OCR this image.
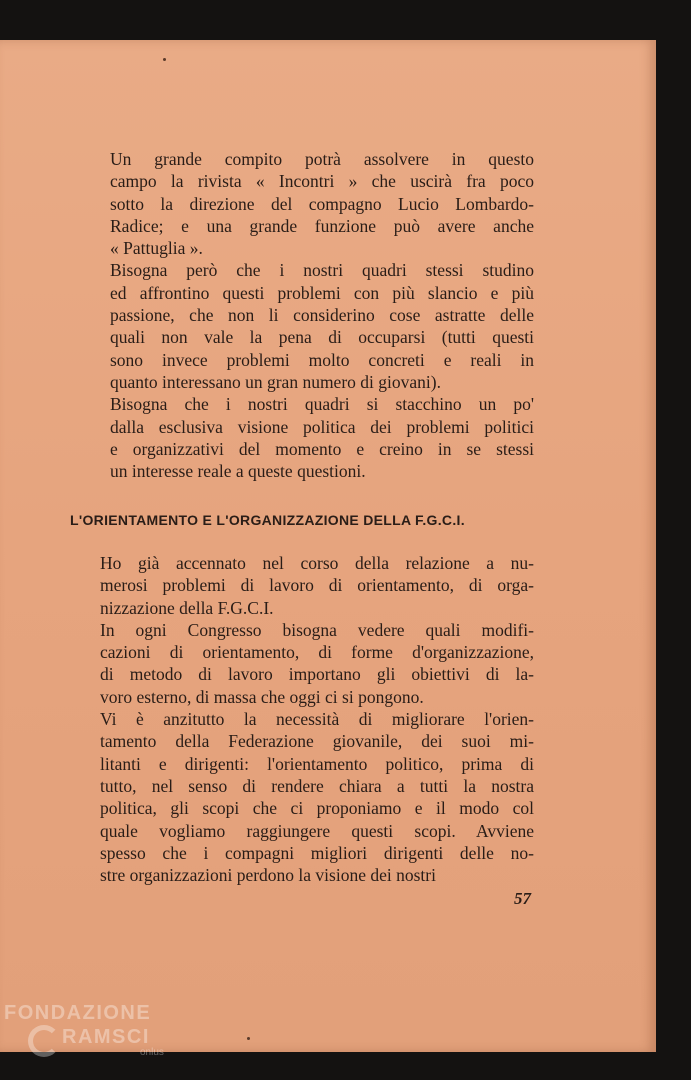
Un grande compito potrà assolvere in questo
campo la rivista « Incontri » che uscirà fra poco
sotto la direzione del compagno Lucio Lombardo-
Radice; e una grande funzione può avere anche
« Pattuglia ».

Bisogna però che i nostri quadri stessi studino
ed affrontino questi problemi con più slancio e più
passione, che non li considerino cose astratte delle
quali non vale la pena di occuparsi (tutti questi
sono invece problemi molto concreti e reali in
quanto interessano un gran numero di giovani).

Bisogna che i nostri quadri si stacchino un po'
dalla esclusiva visione politica dei problemi politici
e organizzativi del momento e creino in se stessi
un interesse reale a queste questioni.

L'ORIENTAMENTO E L'ORGANIZZAZIONE DELLA F.G.C.I.

Ho già accennato nel corso della relazione a nu-
merosi problemi di lavoro di orientamento, di orga-
nizzazione della F.G.C.I.

In ogni Congresso bisogna vedere quali modifi-
cazioni di orientamento, di forme d'organizzazione,
di metodo di lavoro importano gli obiettivi di la-
voro esterno, di massa che oggi ci si pongono.

Vi è anzitutto la necessità di migliorare l'orien-
tamento della Federazione giovanile, dei suoi mi-
litanti e dirigenti: l'orientamento politico, prima di
tutto, nel senso di rendere chiara a tutti la nostra
politica, gli scopi che ci proponiamo e il modo col
quale vogliamo raggiungere questi scopi. Avviene
spesso che i compagni migliori dirigenti delle no-
stre organizzazioni perdono la visione dei nostri

57
FONDAZIONE
RAMSCI
onlus
